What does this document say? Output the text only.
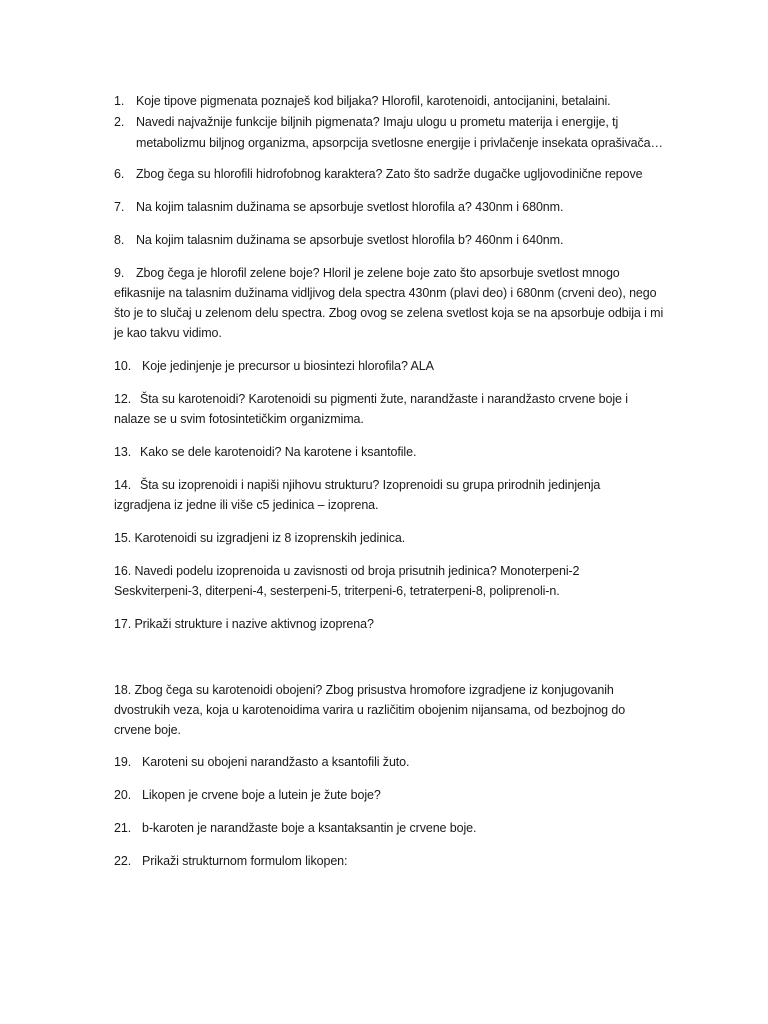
1. Koje tipove pigmenata poznaješ kod biljaka? Hlorofil, karotenoidi, antocijanini, betalaini.
2. Navedi najvažnije funkcije biljnih pigmenata? Imaju ulogu u prometu materija i energije, tj
metabolizmu biljnog organizma, apsorpcija svetlosne energije i privlačenje insekata oprašivača…
6. Zbog čega su hlorofili hidrofobnog karaktera? Zato što sadrže dugačke ugljovodinične repove
7. Na kojim talasnim dužinama se apsorbuje svetlost hlorofila a? 430nm i 680nm.
8. Na kojim talasnim dužinama se apsorbuje svetlost hlorofila b? 460nm i 640nm.
9. Zbog čega je hlorofil zelene boje? Hloril je zelene boje zato što apsorbuje svetlost mnogo
efikasnije na talasnim dužinama vidljivog dela spectra 430nm (plavi deo) i 680nm (crveni deo), nego
što je to slučaj u zelenom delu spectra. Zbog ovog se zelena svetlost koja se na apsorbuje odbija i mi
je kao takvu vidimo.
10. Koje jedinjenje je precursor u biosintezi hlorofila? ALA
12. Šta su karotenoidi? Karotenoidi su pigmenti žute, narandžaste i narandžasto crvene boje i
nalaze se u svim fotosintetičkim organizmima.
13. Kako se dele karotenoidi? Na karotene i ksantofile.
14. Šta su izoprenoidi i napiši njihovu strukturu? Izoprenoidi su grupa prirodnih jedinjenja
izgradjena iz jedne ili više c5 jedinica – izoprena.
15. Karotenoidi su izgradjeni iz 8 izoprenskih jedinica.
16. Navedi podelu izoprenoida u zavisnosti od broja prisutnih jedinica? Monoterpeni-2
Seskviterpeni-3, diterpeni-4, sesterpeni-5, triterpeni-6, tetraterpeni-8, poliprenoli-n.
17. Prikaži strukture i nazive aktivnog izoprena?
18. Zbog čega su karotenoidi obojeni? Zbog prisustva hromofore izgradjene iz konjugovanih
dvostrukih veza, koja u karotenoidima varira u različitim obojenim nijansama, od bezbojnog do
crvene boje.
19. Karoteni su obojeni narandžasto a ksantofili žuto.
20. Likopen je crvene boje a lutein je žute boje?
21. b-karoten je narandžaste boje a ksantaksantin je crvene boje.
22. Prikaži strukturnom formulom likopen:
